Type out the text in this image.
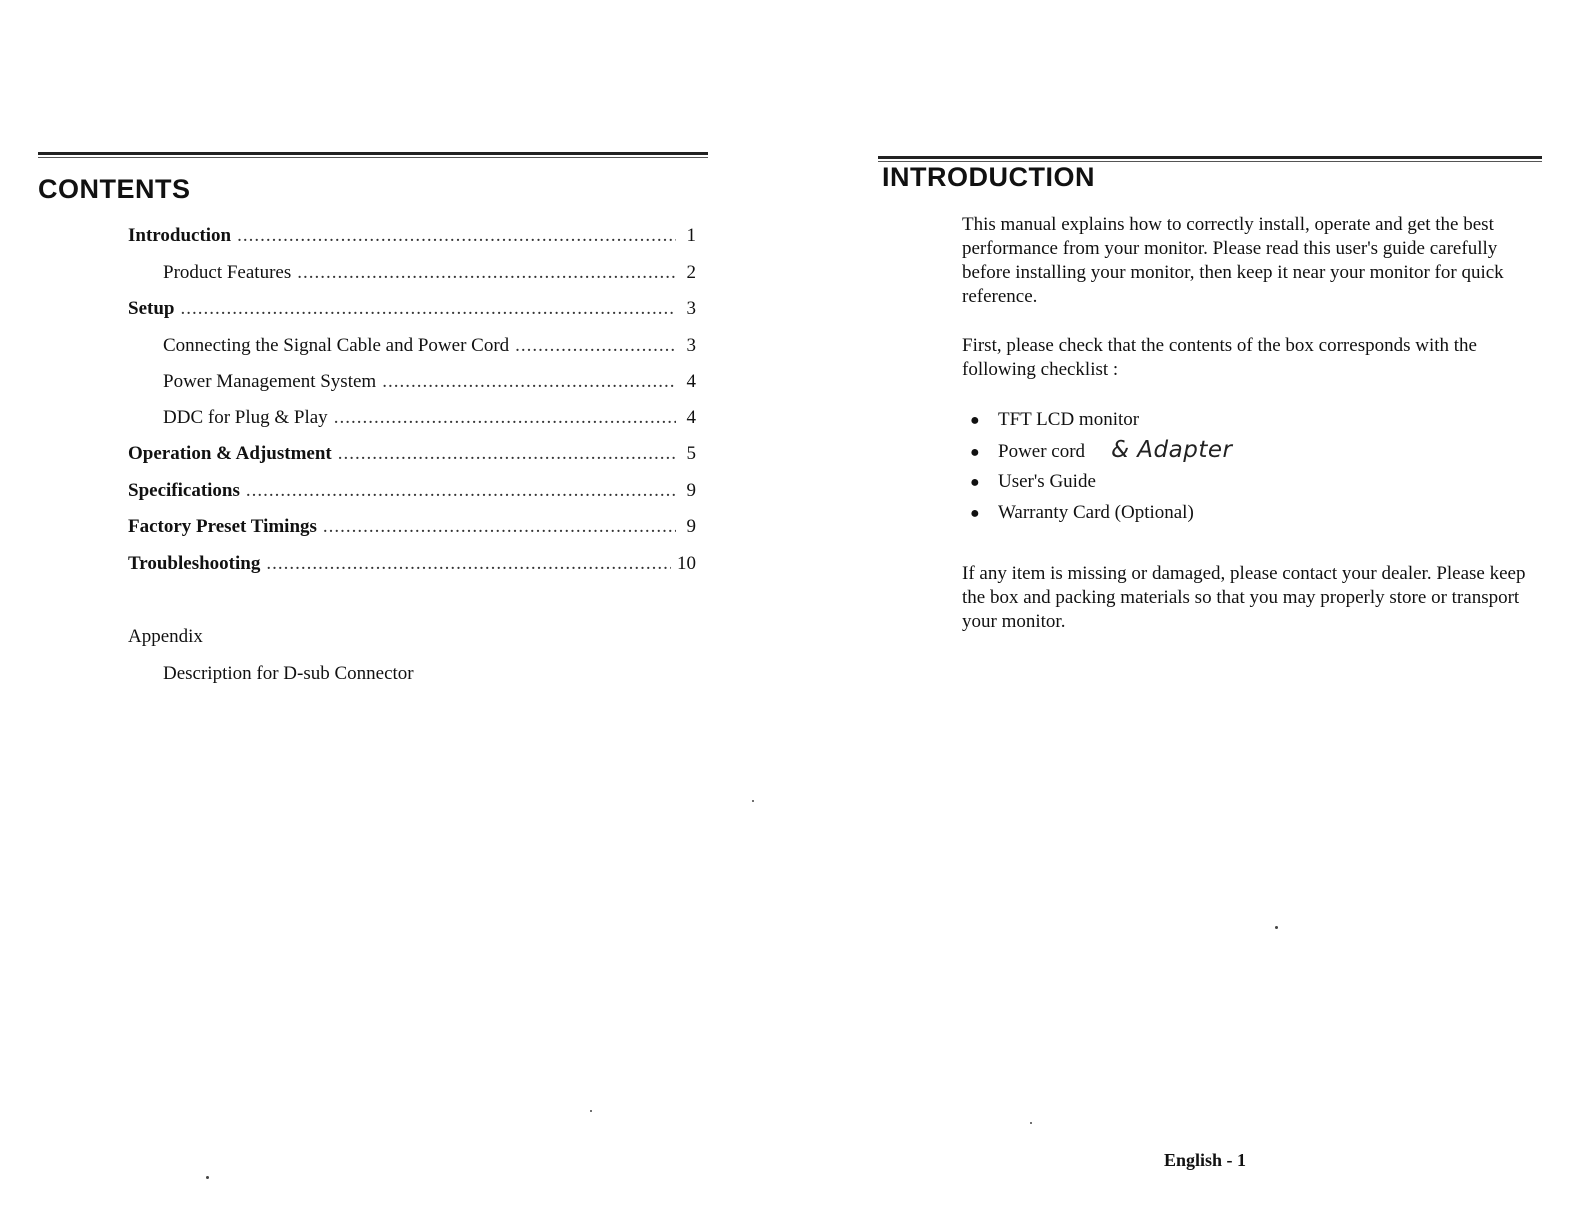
CONTENTS
Introduction .....	1
Product Features .....	2
Setup .....	3
Connecting the Signal Cable and Power Cord .....	3
Power Management System .....	4
DDC for Plug & Play .....	4
Operation & Adjustment .....	5
Specifications .....	9
Factory Preset Timings .....	9
Troubleshooting .....	10
Appendix
Description for D-sub Connector
INTRODUCTION

This manual explains how to correctly install, operate and get the best performance from your monitor. Please read this user's guide carefully before installing your monitor, then keep it near your monitor for quick reference.

First, please check that the contents of the box corresponds with the following checklist :

● TFT LCD monitor
● Power cord & Adapter
● User's Guide
● Warranty Card (Optional)

If any item is missing or damaged, please contact your dealer. Please keep the box and packing materials so that you may properly store or transport your monitor.

English - 1
